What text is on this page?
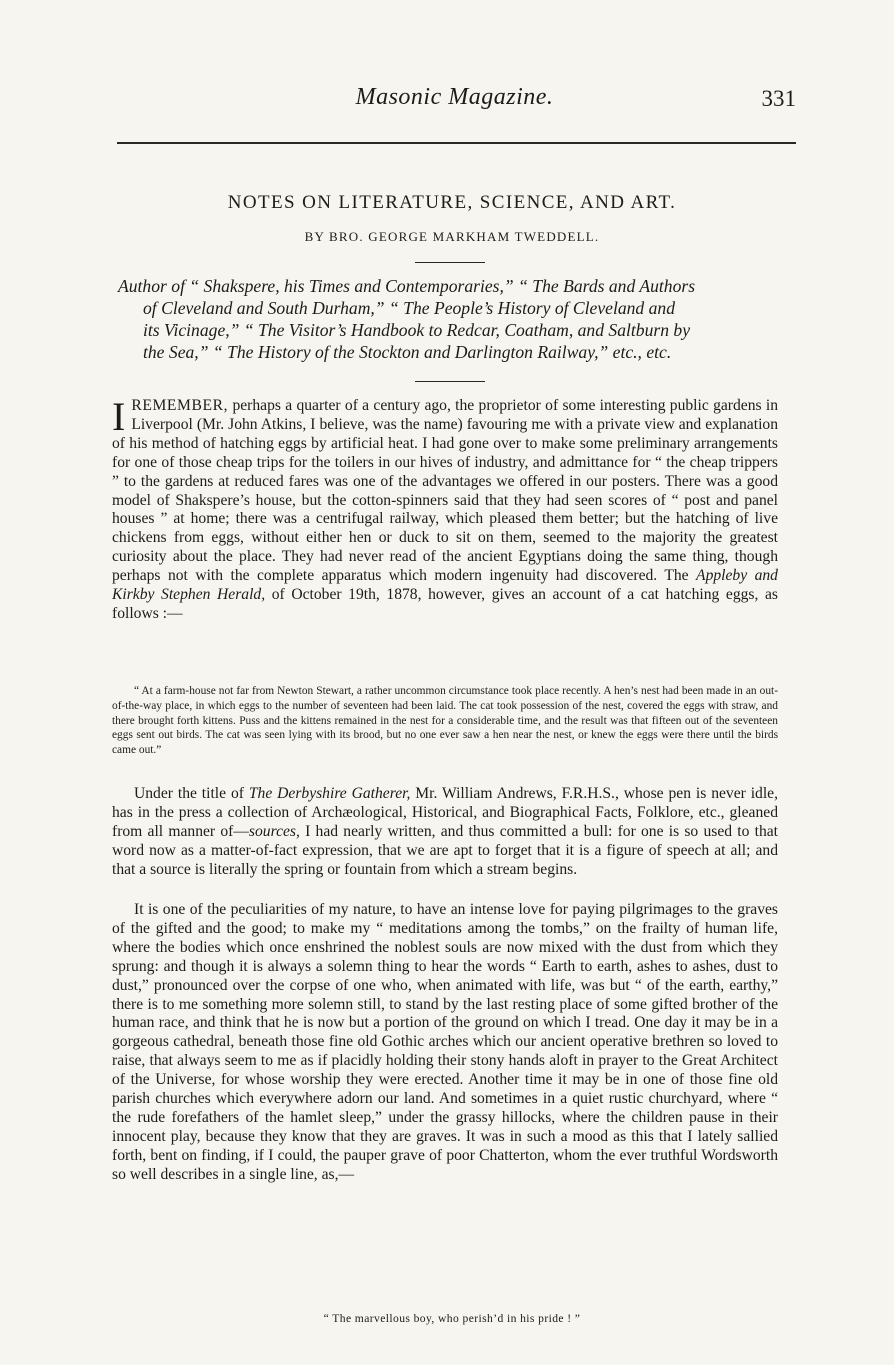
Masonic Magazine.	331
NOTES ON LITERATURE, SCIENCE, AND ART.
BY BRO. GEORGE MARKHAM TWEDDELL.
Author of “ Shakspere, his Times and Contemporaries,” “ The Bards and Authors
of Cleveland and South Durham,” “ The People’s History of Cleveland and
its Vicinage,” “ The Visitor’s Handbook to Redcar, Coatham, and Saltburn by
the Sea,” “ The History of the Stockton and Darlington Railway,” etc., etc.

IREMEMBER, perhaps a quarter of a century ago, the proprietor of some interesting public gardens in Liverpool (Mr. John Atkins, I believe, was the name) favouring me with a private view and explanation of his method of hatching eggs by artificial heat. I had gone over to make some preliminary arrangements for one of those cheap trips for the toilers in our hives of industry, and admittance for “ the cheap trippers ” to the gardens at reduced fares was one of the advantages we offered in our posters. There was a good model of Shakspere’s house, but the cotton-spinners said that they had seen scores of “ post and panel houses ” at home; there was a centrifugal railway, which pleased them better; but the hatching of live chickens from eggs, without either hen or duck to sit on them, seemed to the majority the greatest curiosity about the place. They had never read of the ancient Egyptians doing the same thing, though perhaps not with the complete apparatus which modern ingenuity had discovered. The Appleby and Kirkby Stephen Herald, of October 19th, 1878, however, gives an account of a cat hatching eggs, as follows :—

“ At a farm-house not far from Newton Stewart, a rather uncommon circumstance took place recently. A hen’s nest had been made in an out-of-the-way place, in which eggs to the number of seventeen had been laid. The cat took possession of the nest, covered the eggs with straw, and there brought forth kittens. Puss and the kittens remained in the nest for a considerable time, and the result was that fifteen out of the seventeen eggs sent out birds. The cat was seen lying with its brood, but no one ever saw a hen near the nest, or knew the eggs were there until the birds came out.”

Under the title of The Derbyshire Gatherer, Mr. William Andrews, F.R.H.S., whose pen is never idle, has in the press a collection of Archæological, Historical, and Biographical Facts, Folklore, etc., gleaned from all manner of—sources, I had nearly written, and thus committed a bull: for one is so used to that word now as a matter-of-fact expression, that we are apt to forget that it is a figure of speech at all; and that a source is literally the spring or fountain from which a stream begins.

It is one of the peculiarities of my nature, to have an intense love for paying pilgrimages to the graves of the gifted and the good; to make my “ meditations among the tombs,” on the frailty of human life, where the bodies which once enshrined the noblest souls are now mixed with the dust from which they sprung: and though it is always a solemn thing to hear the words “ Earth to earth, ashes to ashes, dust to dust,” pronounced over the corpse of one who, when animated with life, was but “ of the earth, earthy,” there is to me something more solemn still, to stand by the last resting place of some gifted brother of the human race, and think that he is now but a portion of the ground on which I tread. One day it may be in a gorgeous cathedral, beneath those fine old Gothic arches which our ancient operative brethren so loved to raise, that always seem to me as if placidly holding their stony hands aloft in prayer to the Great Architect of the Universe, for whose worship they were erected. Another time it may be in one of those fine old parish churches which everywhere adorn our land. And sometimes in a quiet rustic churchyard, where “ the rude forefathers of the hamlet sleep,” under the grassy hillocks, where the children pause in their innocent play, because they know that they are graves. It was in such a mood as this that I lately sallied forth, bent on finding, if I could, the pauper grave of poor Chatterton, whom the ever truthful Wordsworth so well describes in a single line, as,—

“ The marvellous boy, who perish’d in his pride ! ”
